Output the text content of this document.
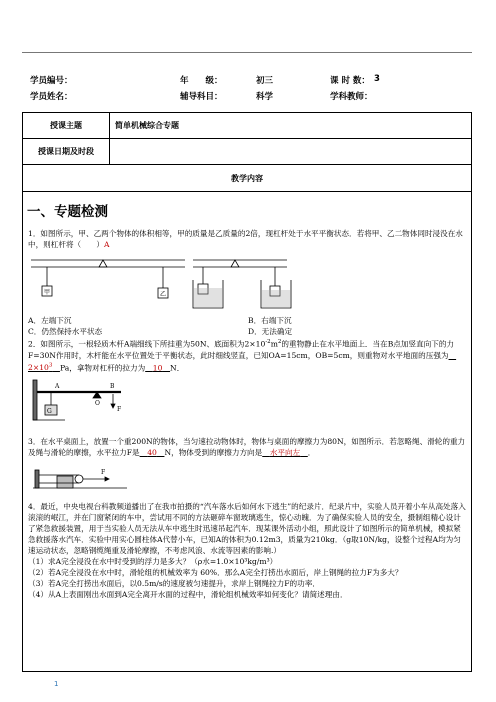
学员编号：	年　　级：	初三	课 时 数： 3
学员姓名：	辅导科目：	科学	学科教师：
授课主题	简单机械综合专题
授课日期及时段
教学内容
一、专题检测
1．如图所示，甲、乙两个物体的体积相等，甲的质量是乙质量的2倍，现杠杆处于水平平衡状态．若将甲、乙二物体同时浸没在水中，则杠杆将（　　）A
甲	乙
A．左端下沉	B．右端下沉
C．仍然保持水平状态	D．无法确定
2．如图所示，一根轻质木杆A端细线下所挂重为50N、底面积为$2\times 10^{-2}m^2$的重物静止在水平地面上．当在B点加竖直向下的力F=30N作用时，木杆能在水平位置处于平衡状态，此时细线竖直，已知OA=15cm，OB=5cm，则重物对水平地面的压强为　$2\times 10^3$　 Pa，拿物对杠杆的拉力为　 10　 N．
A	B
O
F
G
3．在水平桌面上，放置一个重200N的物体，当匀速拉动物体时，物体与桌面的摩擦力为80N，如图所示．若忽略绳、滑轮的重力及绳与滑轮的摩擦，水平拉力F是　 40　 N，物体受到的摩擦力方向是　 水平向左　 ．
F
4．最近，中央电视台科教频道播出了在我市拍摄的“汽车落水后如何水下逃生”的纪录片．纪录片中，实验人员开着小车从高处落入滚滚的岷江，并在门窗紧闭的车中，尝试用不同的方法砸碎车窗玻璃逃生，惊心动魄．为了确保实验人员的安全，摄制组精心设计了紧急救援装置，用于当实验人员无法从车中逃生时迅速吊起汽车．现某课外活动小组，照此设计了如图所示的简单机械，模拟紧急救援落水汽车．实验中用实心圆柱体A代替小车，已知A的体积为0.12m3，质量为210kg．（g取10N/kg，设整个过程A均为匀速运动状态，忽略钢缆绳重及滑轮摩擦，不考虑风浪、水流等因素的影响.）
（1）求A完全浸没在水中时受到的浮力是多大？（ρ水=1.0×10³kg/m³）
（2）若A完全浸没在水中时，滑轮组的机械效率为 60%．那么A完全打捞出水面后，岸上钢绳的拉力F为多大？
（3）若A完全打捞出水面后，以0.5m/s的速度被匀速提升，求岸上钢绳拉力F的功率．
（4）从A上表面刚出水面到A完全离开水面的过程中，滑轮组机械效率如何变化？请简述理由．
1
